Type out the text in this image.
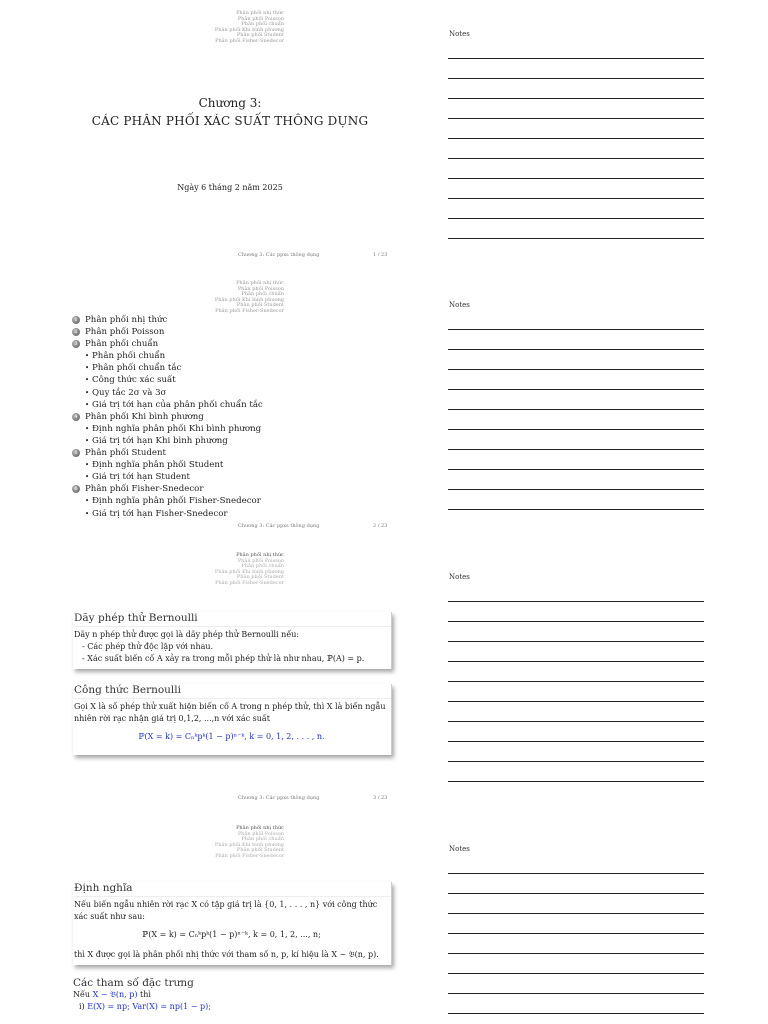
Phân phối nhị thức
Phân phối Poisson
Phân phối chuẩn
Phân phối Khi bình phương
Phân phối Student
Phân phối Fisher-Snedecor
Chương 3:
CÁC PHÂN PHỐI XÁC SUẤT THÔNG DỤNG
Ngày 6 tháng 2 năm 2025
Chương 3: Các ppxs thông dụng	1 / 23
Notes
Phân phối nhị thức
Phân phối Poisson
Phân phối chuẩn
Phân phối Khi bình phương
Phân phối Student
Phân phối Fisher-Snedecor
1 Phân phối nhị thức
2 Phân phối Poisson
3 Phân phối chuẩn
• Phân phối chuẩn
• Phân phối chuẩn tắc
• Công thức xác suất
• Quy tắc 2σ và 3σ
• Giá trị tới hạn của phân phối chuẩn tắc
4 Phân phối Khi bình phương
• Định nghĩa phân phối Khi bình phương
• Giá trị tới hạn Khi bình phương
5 Phân phối Student
• Định nghĩa phân phối Student
• Giá trị tới hạn Student
6 Phân phối Fisher-Snedecor
• Định nghĩa phân phối Fisher-Snedecor
• Giá trị tới hạn Fisher-Snedecor
Chương 3: Các ppxs thông dụng	2 / 23
Notes
Phân phối nhị thức
Phân phối Poisson
Phân phối chuẩn
Phân phối Khi bình phương
Phân phối Student
Phân phối Fisher-Snedecor
Dãy phép thử Bernoulli
Dãy n phép thử được gọi là dãy phép thử Bernoulli nếu:
- Các phép thử độc lập với nhau.
- Xác suất biến cố A xảy ra trong mỗi phép thử là như nhau, ℙ(A) = p.
Công thức Bernoulli
Gọi X là số phép thử xuất hiện biến cố A trong n phép thử, thì X là biến ngẫu nhiên rời rạc nhận giá trị 0,1,2, ...,n với xác suất
ℙ(X = k) = Cₙᵏpᵏ(1 − p)ⁿ⁻ᵏ, k = 0, 1, 2, . . . , n.
Chương 3: Các ppxs thông dụng	3 / 23
Notes
Phân phối nhị thức
Phân phối Poisson
Phân phối chuẩn
Phân phối Khi bình phương
Phân phối Student
Phân phối Fisher-Snedecor
Định nghĩa
Nếu biến ngẫu nhiên rời rạc X có tập giá trị là {0, 1, . . . , n} với công thức xác suất như sau:
ℙ(X = k) = Cₙᵏpᵏ(1 − p)ⁿ⁻ᵏ, k = 0, 1, 2, ..., n;
thì X được gọi là phân phối nhị thức với tham số n, p, kí hiệu là X ∼ 𝔅(n, p).
Các tham số đặc trưng
Nếu X ∼ 𝔅(n, p) thì
i) E(X) = np; Var(X) = np(1 − p);
Notes
